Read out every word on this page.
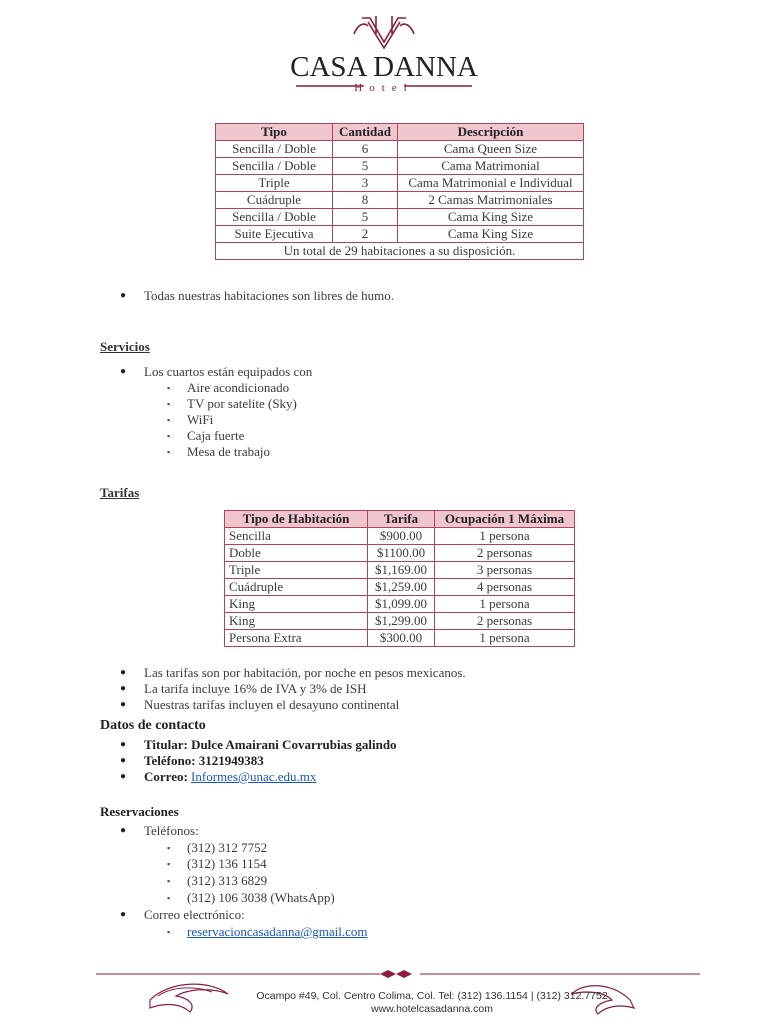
CASA DANNA
Hotel
Tipo	Cantidad	Descripción
Sencilla / Doble	6	Cama Queen Size
Sencilla / Doble	5	Cama Matrimonial
Triple	3	Cama Matrimonial e Individual
Cuádruple	8	2 Camas Matrimoniales
Sencilla / Doble	5	Cama King Size
Suite Ejecutiva	2	Cama King Size
Un total de 29 habitaciones a su disposición.		
● Todas nuestras habitaciones son libres de humo.
Servicios
● Los cuartos están equipados con
▪ Aire acondicionado
▪ TV por satelite (Sky)
▪ WiFi
▪ Caja fuerte
▪ Mesa de trabajo
Tarifas
Tipo de Habitación	Tarifa	Ocupación 1 Máxima
Sencilla	$900.00	1 persona
Doble	$1100.00	2 personas
Triple	$1,169.00	3 personas
Cuádruple	$1,259.00	4 personas
King	$1,099.00	1 persona
King	$1,299.00	2 personas
Persona Extra	$300.00	1 persona
● Las tarifas son por habitación, por noche en pesos mexicanos.
● La tarifa incluye 16% de IVA y 3% de ISH
● Nuestras tarifas incluyen el desayuno continental
Datos de contacto
● Titular: Dulce Amairani Covarrubias galindo
● Teléfono: 3121949383
● Correo: Informes@unac.edu.mx
Reservaciones
● Teléfonos:
▪ (312) 312 7752
▪ (312) 136 1154
▪ (312) 313 6829
▪ (312) 106 3038 (WhatsApp)
● Correo electrónico:
▪ reservacioncasadanna@gmail.com
Ocampo #49, Col. Centro Colima, Col. Tel: (312) 136.1154 | (312) 312.7752
www.hotelcasadanna.com
